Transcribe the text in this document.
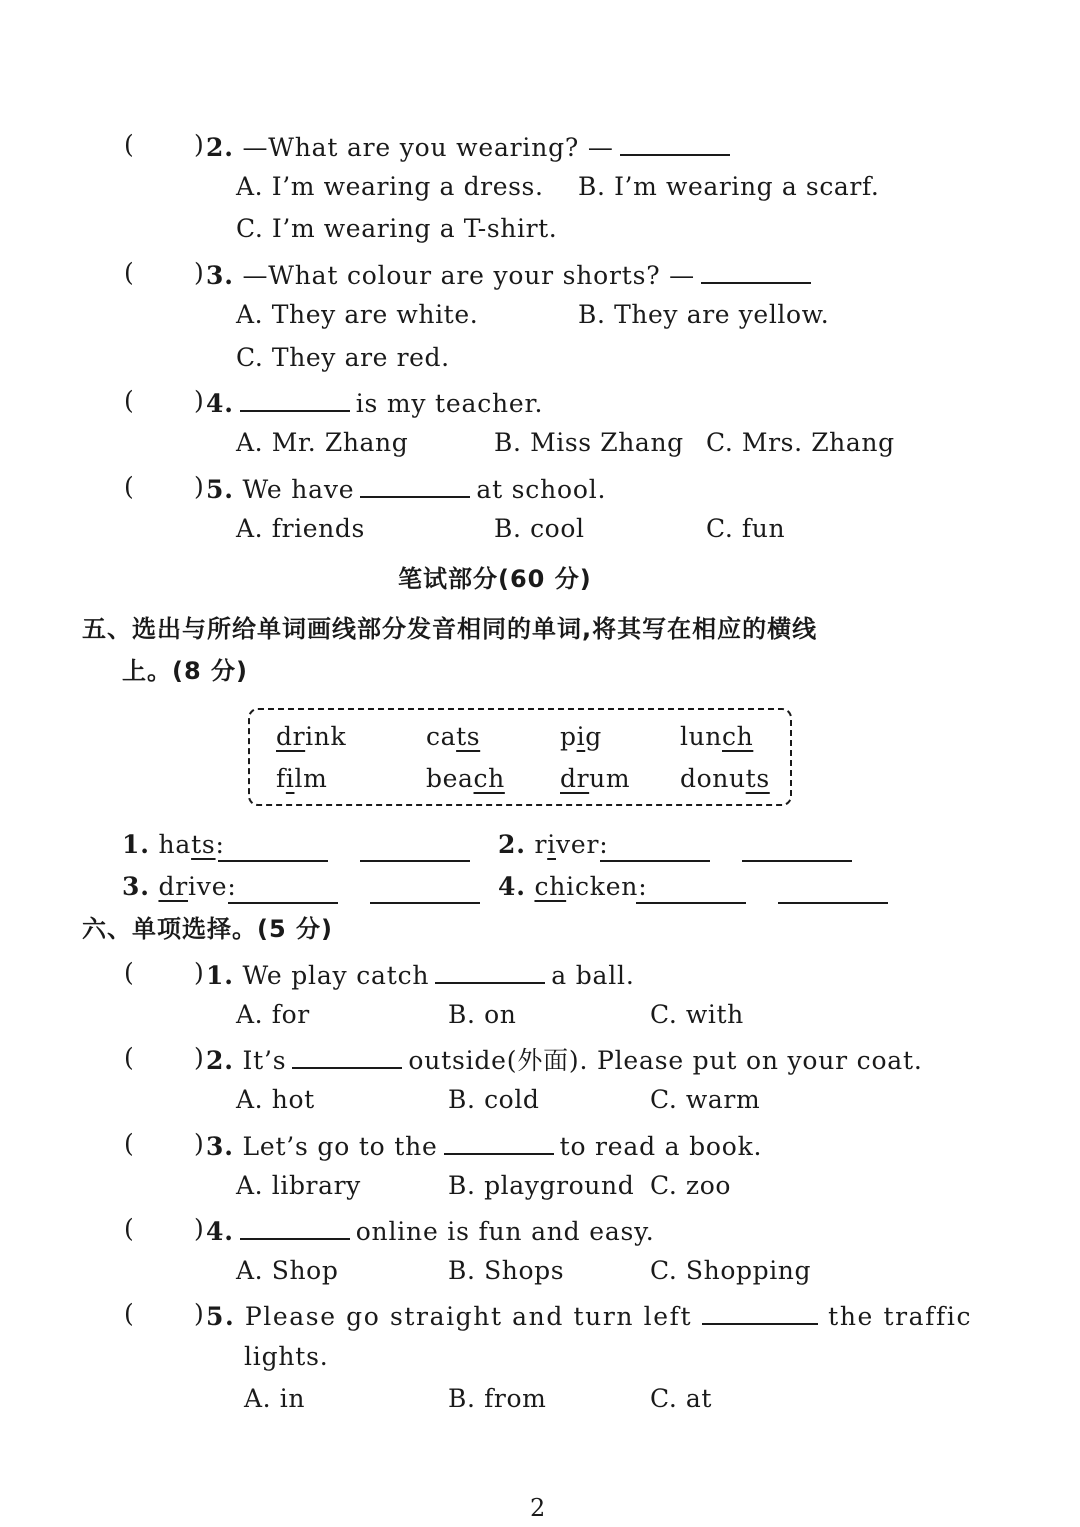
( ) 2. —What are you wearing? —
A. I’m wearing a dress. B. I’m wearing a scarf.
C. I’m wearing a T-shirt.
( ) 3. —What colour are your shorts? —
A. They are white.	B. They are yellow.
C. They are red.
( ) 4.	is my teacher.
A. Mr. Zhang	B. Miss Zhang C. Mrs. Zhang
( ) 5. We have	at school.
A. friends	B. cool	C. fun
笔试部分(60 分)
五、选出与所给单词画线部分发音相同的单词,将其写在相应的横线
上。(8 分)
drink	cats	pig	lunch
film	beach drum donuts
1. hats:	2. river:
3. drive:	4. chicken:
六、单项选择。(5 分)
( ) 1. We play catch	a ball.
A. for	B. on	C. with
( ) 2. It’s	outside(外面). Please put on your coat.
A. hot	B. cold	C. warm
( ) 3. Let’s go to the	to read a book.
A. library	B. playground C. zoo
( ) 4.	online is fun and easy.
A. Shop	B. Shops	C. Shopping
( ) 5. Please go straight and turn left	the traffic
lights.
A. in	B. from	C. at
2
